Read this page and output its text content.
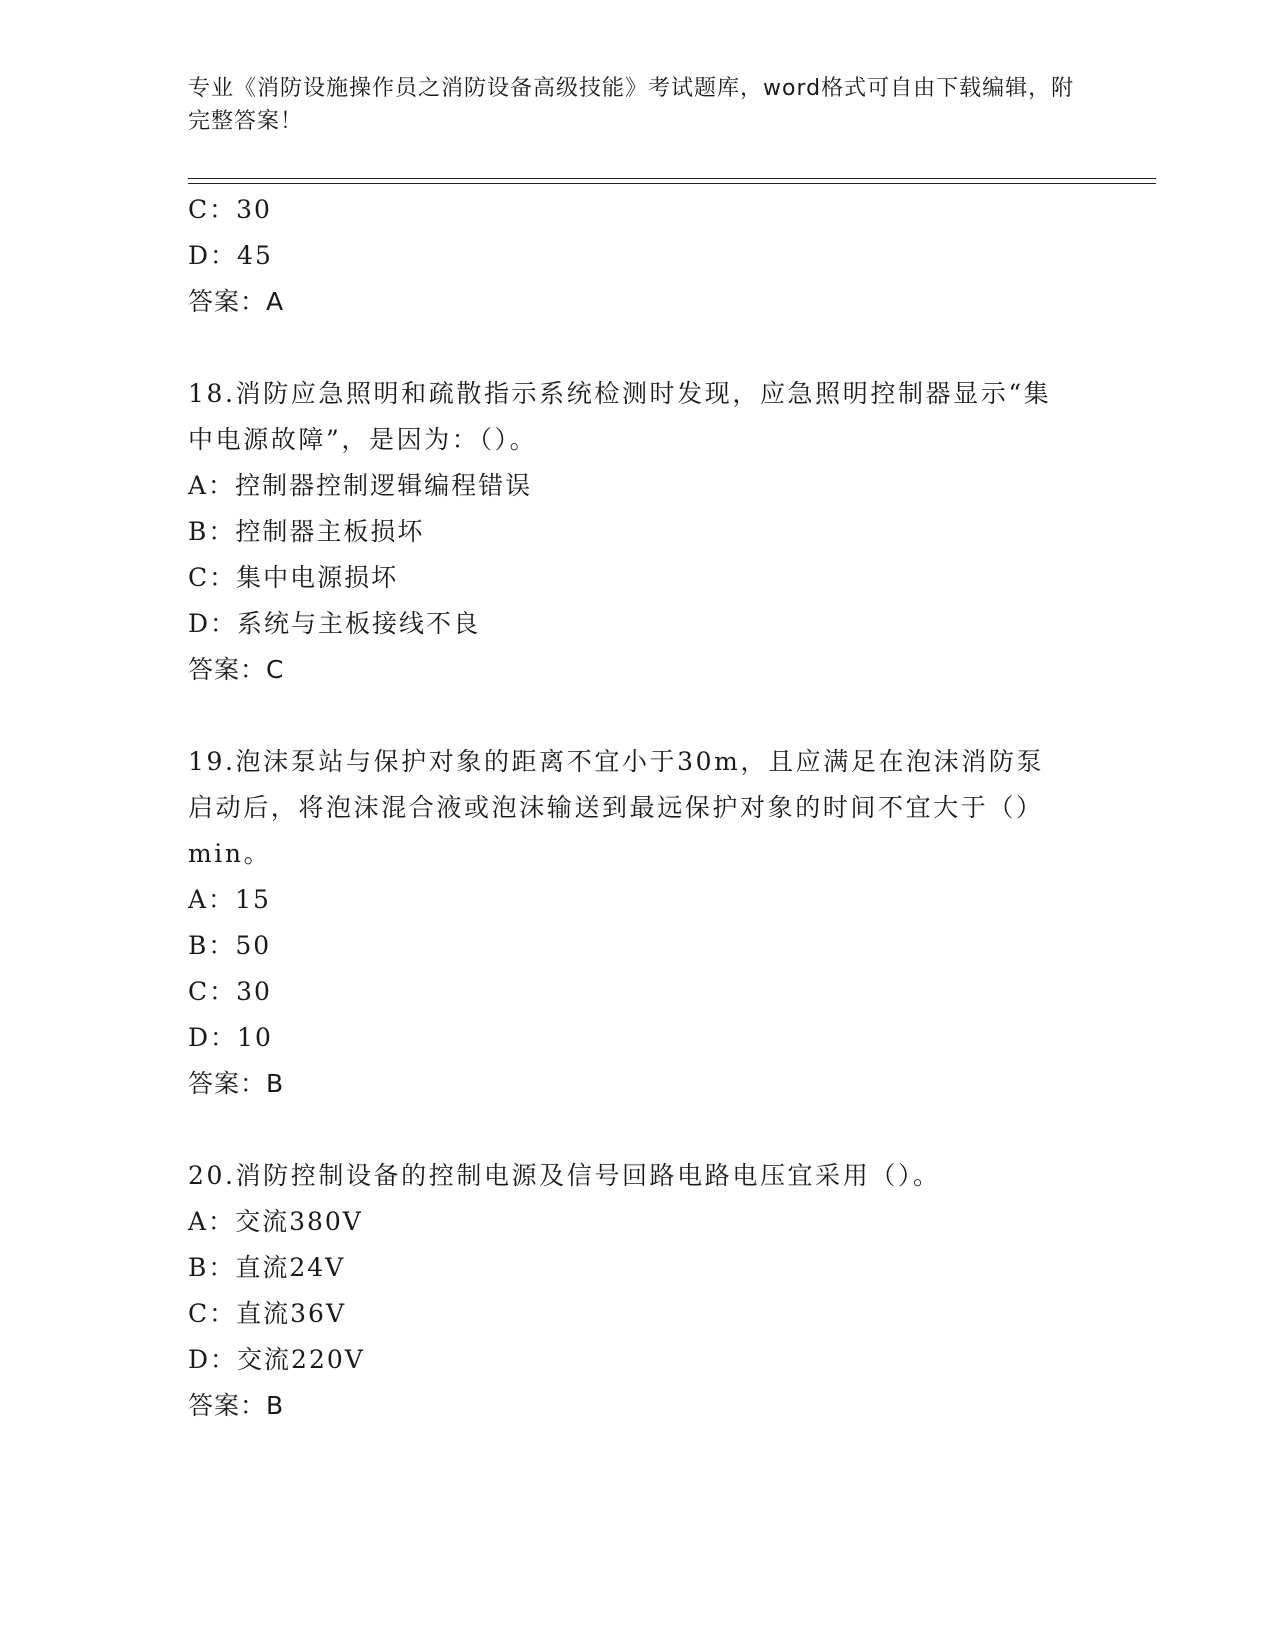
专业《消防设施操作员之消防设备高级技能》考试题库，word格式可自由下载编辑，附完整答案！
C：30
D：45
答案：A
18.消防应急照明和疏散指示系统检测时发现，应急照明控制器显示“集中电源故障”，是因为：（）。
A：控制器控制逻辑编程错误
B：控制器主板损坏
C：集中电源损坏
D：系统与主板接线不良
答案：C
19.泡沫泵站与保护对象的距离不宜小于30m，且应满足在泡沫消防泵启动后，将泡沫混合液或泡沫输送到最远保护对象的时间不宜大于（）min。
A：15
B：50
C：30
D：10
答案：B
20.消防控制设备的控制电源及信号回路电路电压宜采用（）。
A：交流380V
B：直流24V
C：直流36V
D：交流220V
答案：B
